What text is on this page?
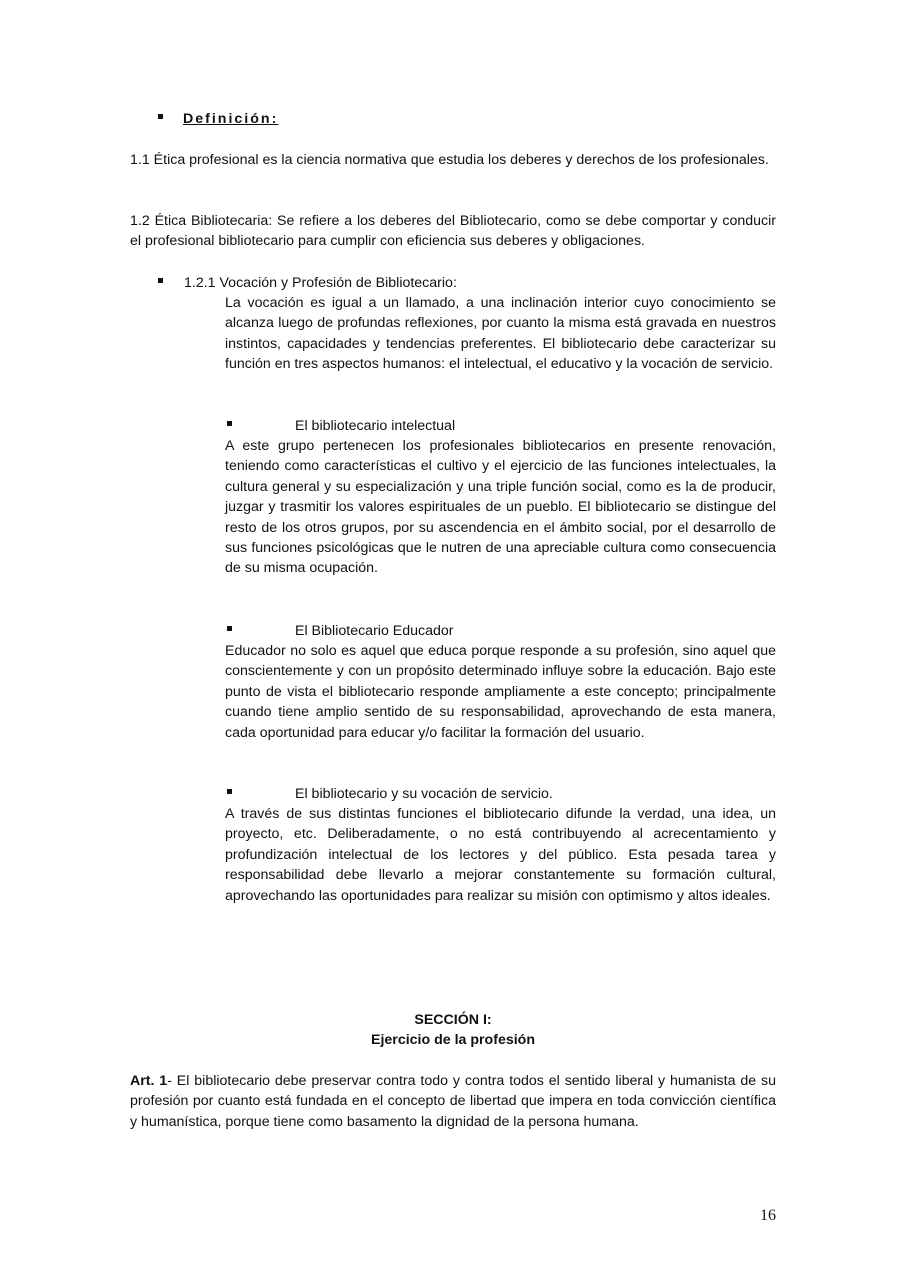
Definición:

1.1 Ética profesional es la ciencia normativa que estudia los deberes y derechos de los profesionales.

1.2 Ética Bibliotecaria: Se refiere a los deberes del Bibliotecario, como se debe comportar y conducir el profesional bibliotecario para cumplir con eficiencia sus deberes y obligaciones.

1.2.1 Vocación y Profesión de Bibliotecario:

La vocación es igual a un llamado, a una inclinación interior cuyo conocimiento se alcanza luego de profundas reflexiones, por cuanto la misma está gravada en nuestros instintos, capacidades y tendencias preferentes. El bibliotecario debe caracterizar su función en tres aspectos humanos: el intelectual, el educativo y la vocación de servicio.

El bibliotecario intelectual

A este grupo pertenecen los profesionales bibliotecarios en presente renovación, teniendo como características el cultivo y el ejercicio de las funciones intelectuales, la cultura general y su especialización y una triple función social, como es la de producir, juzgar y trasmitir los valores espirituales de un pueblo. El bibliotecario se distingue del resto de los otros grupos, por su ascendencia en el ámbito social, por el desarrollo de sus funciones psicológicas que le nutren de una apreciable cultura como consecuencia de su misma ocupación.

El Bibliotecario Educador

Educador no solo es aquel que educa porque responde a su profesión, sino aquel que conscientemente y con un propósito determinado influye sobre la educación. Bajo este punto de vista el bibliotecario responde ampliamente a este concepto; principalmente cuando tiene amplio sentido de su responsabilidad, aprovechando de esta manera, cada oportunidad para educar y/o facilitar la formación del usuario.

El bibliotecario y su vocación de servicio.

A través de sus distintas funciones el bibliotecario difunde la verdad, una idea, un proyecto, etc. Deliberadamente, o no está contribuyendo al acrecentamiento y profundización intelectual de los lectores y del público. Esta pesada tarea y responsabilidad debe llevarlo a mejorar constantemente su formación cultural, aprovechando las oportunidades para realizar su misión con optimismo y altos ideales.

SECCIÓN I:
Ejercicio de la profesión

Art. 1- El bibliotecario debe preservar contra todo y contra todos el sentido liberal y humanista de su profesión por cuanto está fundada en el concepto de libertad que impera en toda convicción científica y humanística, porque tiene como basamento la dignidad de la persona humana.

16
